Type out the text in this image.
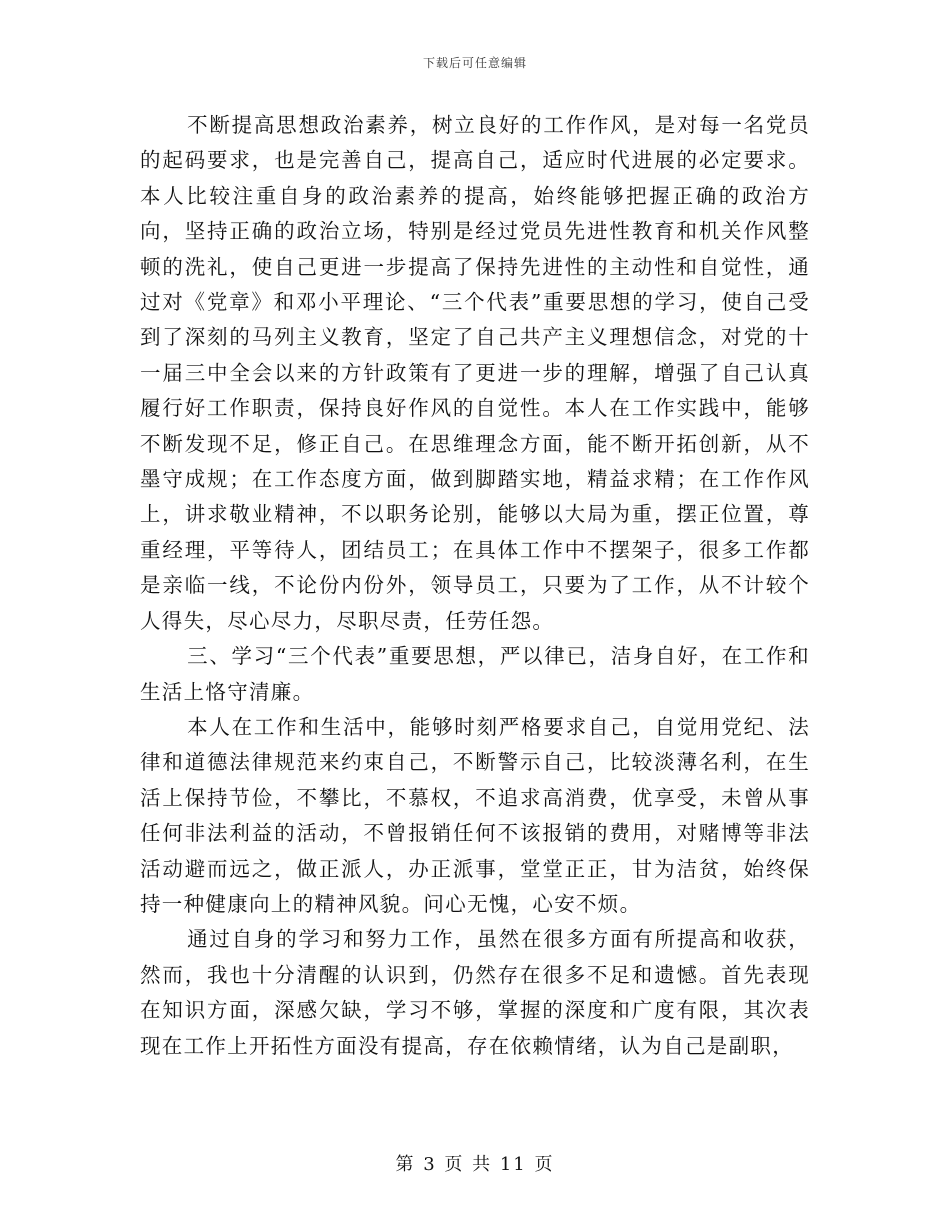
下载后可任意编辑

不断提高思想政治素养，树立良好的工作作风，是对每一名党员的起码要求，也是完善自己，提高自己，适应时代进展的必定要求。本人比较注重自身的政治素养的提高，始终能够把握正确的政治方向，坚持正确的政治立场，特别是经过党员先进性教育和机关作风整顿的洗礼，使自己更进一步提高了保持先进性的主动性和自觉性，通过对《党章》和邓小平理论、“三个代表”重要思想的学习，使自己受到了深刻的马列主义教育，坚定了自己共产主义理想信念，对党的十一届三中全会以来的方针政策有了更进一步的理解，增强了自己认真履行好工作职责，保持良好作风的自觉性。本人在工作实践中，能够不断发现不足，修正自己。在思维理念方面，能不断开拓创新，从不墨守成规；在工作态度方面，做到脚踏实地，精益求精；在工作作风上，讲求敬业精神，不以职务论别，能够以大局为重，摆正位置，尊重经理，平等待人，团结员工；在具体工作中不摆架子，很多工作都是亲临一线，不论份内份外，领导员工，只要为了工作，从不计较个人得失，尽心尽力，尽职尽责，任劳任怨。

三、学习“三个代表”重要思想，严以律已，洁身自好，在工作和生活上恪守清廉。

本人在工作和生活中，能够时刻严格要求自己，自觉用党纪、法律和道德法律规范来约束自己，不断警示自己，比较淡薄名利，在生活上保持节俭，不攀比，不慕权，不追求高消费，优享受，未曾从事任何非法利益的活动，不曾报销任何不该报销的费用，对赌博等非法活动避而远之，做正派人，办正派事，堂堂正正，甘为洁贫，始终保持一种健康向上的精神风貌。问心无愧，心安不烦。

通过自身的学习和努力工作，虽然在很多方面有所提高和收获，然而，我也十分清醒的认识到，仍然存在很多不足和遗憾。首先表现在知识方面，深感欠缺，学习不够，掌握的深度和广度有限，其次表现在工作上开拓性方面没有提高，存在依赖情绪，认为自己是副职，

第 3 页 共 11 页
